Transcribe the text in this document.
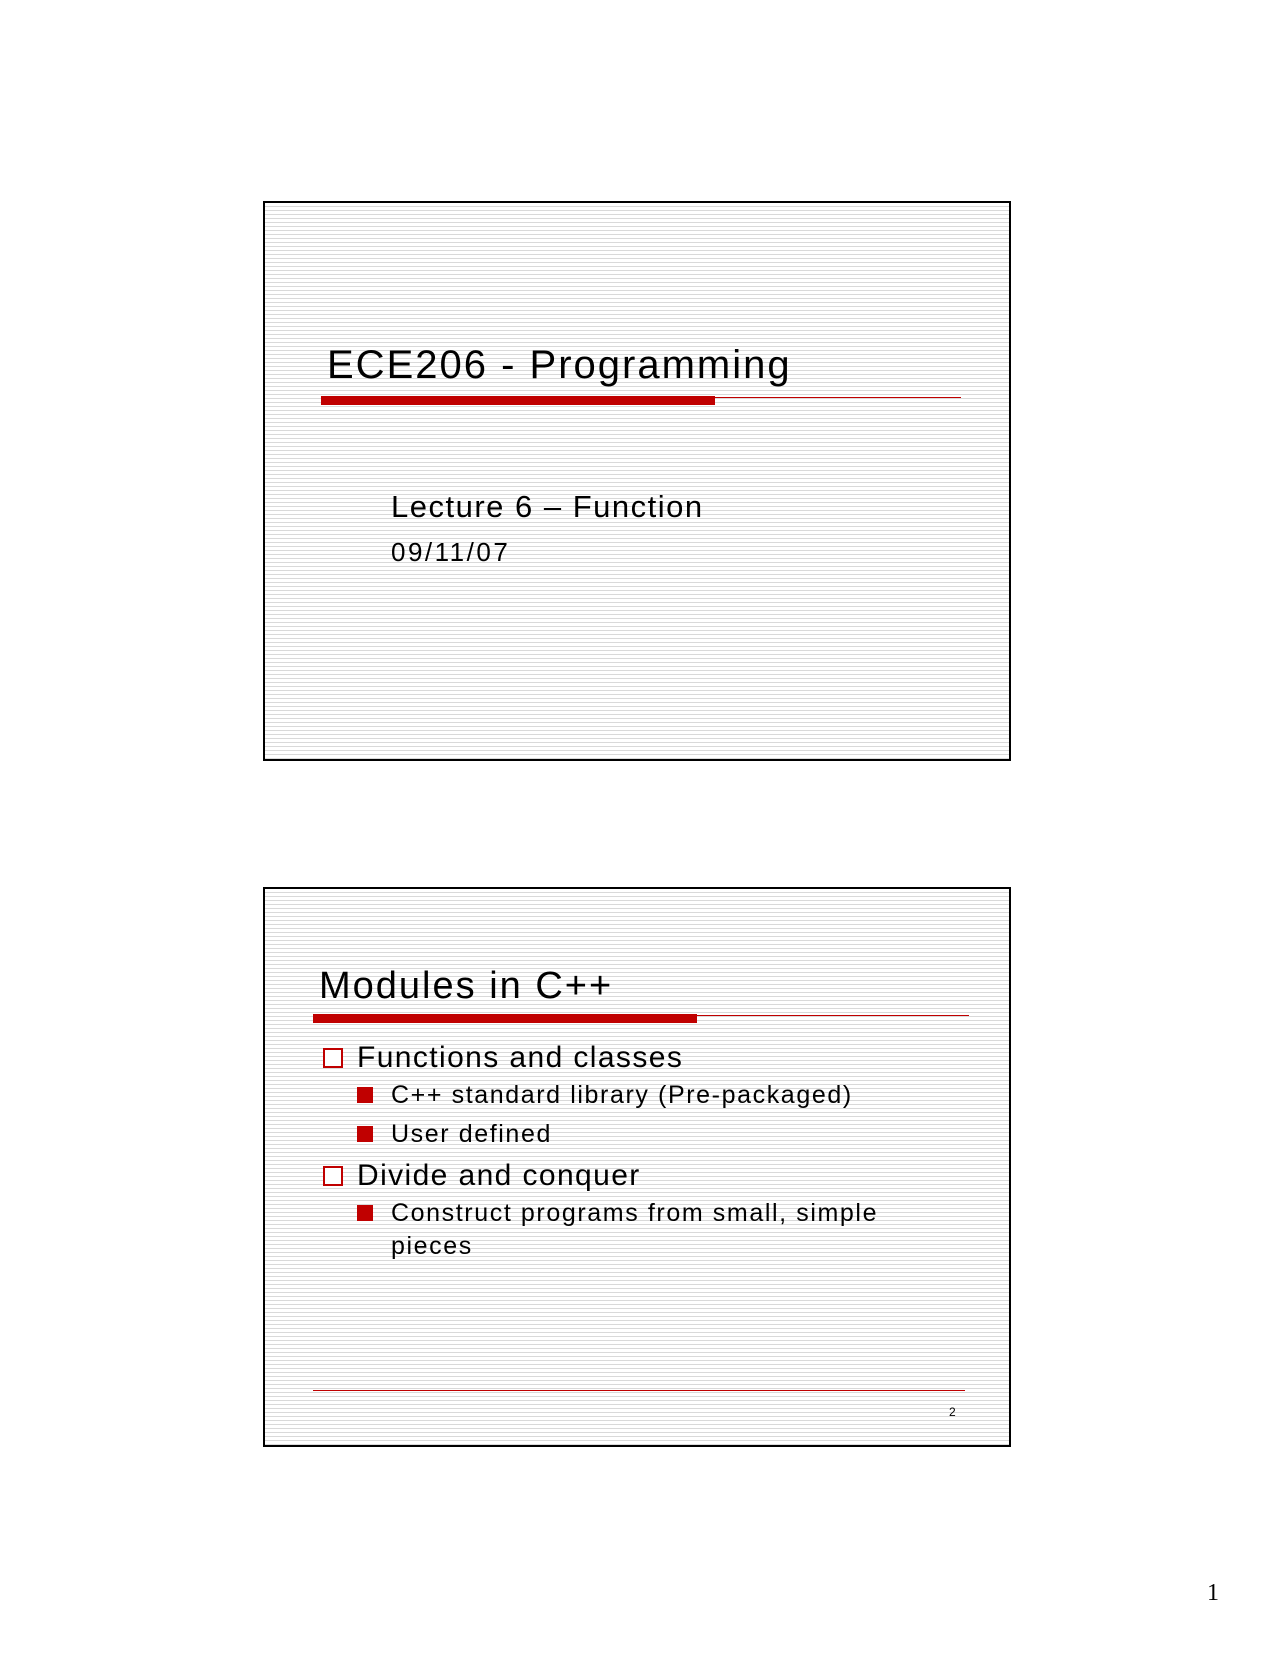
ECE206 - Programming
Lecture 6 – Function
09/11/07
Modules in C++
Functions and classes
C++ standard library (Pre-packaged)
User defined
Divide and conquer
Construct programs from small, simple pieces
2
1
